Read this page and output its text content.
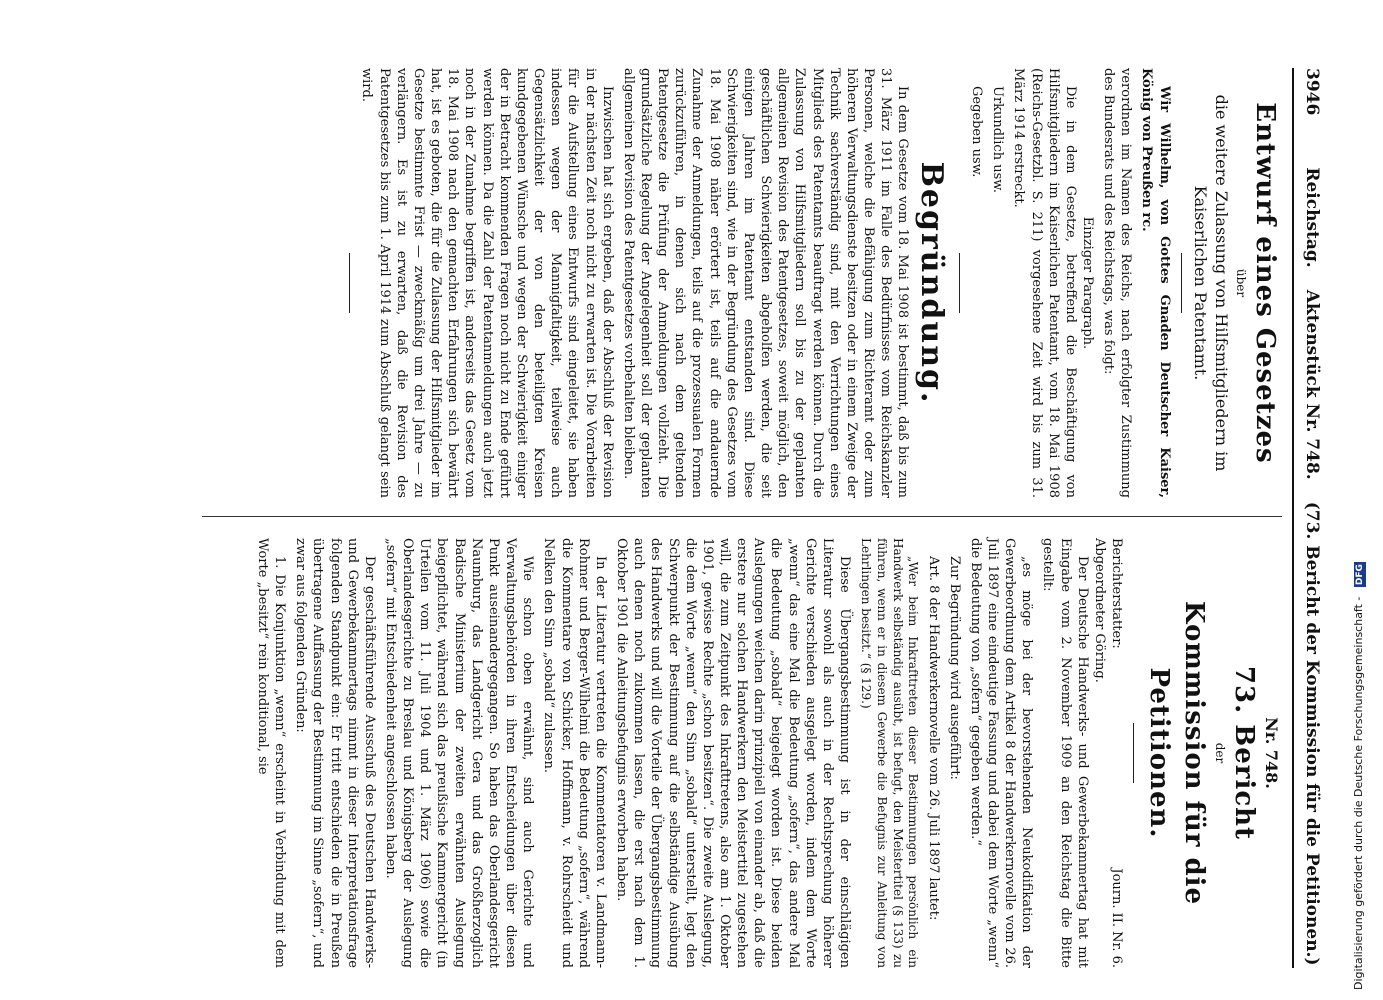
3946
Reichstag.
Aktenstück Nr. 748.
(73. Bericht der Kommission für die Petitionen.)
Entwurf eines Gesetzes
über
die weitere Zulassung von Hilfsmitgliedern im Kaiserlichen Patentamt.

Wir Wilhelm, von Gottes Gnaden Deutscher Kaiser, König von Preußen rc.

verordnen im Namen des Reichs, nach erfolgter Zustimmung des Bundesrats und des Reichstags, was folgt:

Einziger Paragraph.

Die in dem Gesetze, betreffend die Beschäftigung von Hilfsmitgliedern im Kaiserlichen Patentamt, vom 18. Mai 1908 (Reichs-Gesetzbl. S. 211) vorgesehene Zeit wird bis zum 31. März 1914 erstreckt.

Urkundlich usw.

Gegeben usw.

Begründung.

In dem Gesetze vom 18. Mai 1908 ist bestimmt, daß bis zum 31. März 1911 im Falle des Bedürfnisses vom Reichskanzler Personen, welche die Befähigung zum Richteramt oder zum höheren Verwaltungsdienste besitzen oder in einem Zweige der Technik sachverständig sind, mit den Verrichtungen eines Mitglieds des Patentamts beauftragt werden können. Durch die Zulassung von Hilfsmitgliedern soll bis zu der geplanten allgemeinen Revision des Patentgesetzes, soweit möglich, den geschäftlichen Schwierigkeiten abgeholfen werden, die seit einigen Jahren im Patentamt entstanden sind. Diese Schwierigkeiten sind, wie in der Begründung des Gesetzes vom 18. Mai 1908 näher erörtert ist, teils auf die andauernde Zunahme der Anmeldungen, teils auf die prozessualen Formen zurückzuführen, in denen sich nach dem geltenden Patentgesetze die Prüfung der Anmeldungen vollzieht. Die grundsätzliche Regelung der Angelegenheit soll der geplanten allgemeinen Revision des Patentgesetzes vorbehalten bleiben.

Inzwischen hat sich ergeben, daß der Abschluß der Revision in der nächsten Zeit noch nicht zu erwarten ist. Die Vorarbeiten für die Aufstellung eines Entwurfs sind eingeleitet, sie haben indessen wegen der Mannigfaltigkeit, teilweise auch Gegensätzlichkeit der von den beteiligten Kreisen kundgegebenen Wünsche und wegen der Schwierigkeit einiger der in Betracht kommenden Fragen noch nicht zu Ende geführt werden können. Da die Zahl der Patentanmeldungen auch jetzt noch in der Zunahme begriffen ist, anderseits das Gesetz vom 18. Mai 1908 nach den gemachten Erfahrungen sich bewährt hat, ist es geboten, die für die Zulassung der Hilfsmitglieder im Gesetze bestimmte Frist — zweckmäßig um drei Jahre — zu verlängern. Es ist zu erwarten, daß die Revision des Patentgesetzes bis zum 1. April 1914 zum Abschluß gelangt sein wird.

Nr. 748.
73. Bericht
der
Kommission für die Petitionen.
Berichterstatter:
Abgeordneter Göring.
Journ. II. Nr. 6.

Der Deutsche Handwerks- und Gewerbekammertag hat mit Eingabe vom 2. November 1909 an den Reichstag die Bitte gestellt:

„es möge bei der bevorstehenden Neukodifikation der Gewerbeordnung dem Artikel 8 der Handwerkernovelle vom 26. Juli 1897 eine eindeutige Fassung und dabei dem Worte „wenn“ die Bedeutung von „sofern“ gegeben werden.“

Zur Begründung wird ausgeführt:

Art. 8 der Handwerkernovelle vom 26. Juli 1897 lautet:

„Wer beim Inkrafttreten dieser Bestimmungen persönlich ein Handwerk selbständig ausübt, ist befugt, den Meistertitel (§ 133) zu führen, wenn er in diesem Gewerbe die Befugnis zur Anleitung von Lehrlingen besitzt.“ (§ 129.)

Diese Übergangsbestimmung ist in der einschlägigen Literatur sowohl als auch in der Rechtsprechung höherer Gerichte verschieden ausgelegt worden, indem dem Worte „wenn“ das eine Mal die Bedeutung „sofern“, das andere Mal die Bedeutung „sobald“ beigelegt worden ist. Diese beiden Auslegungen weichen darin prinzipiell von einander ab, daß die erstere nur solchen Handwerkern den Meistertitel zugestehen will, die zum Zeitpunkt des Inkrafttretens, also am 1. Oktober 1901, gewisse Rechte „schon besitzen“. Die zweite Auslegung, die dem Worte „wenn“ den Sinn „sobald“ unterstellt, legt den Schwerpunkt der Bestimmung auf die selbständige Ausübung des Handwerks und will die Vorteile der Übergangsbestimmung auch denen noch zukommen lassen, die erst nach dem 1. Oktober 1901 die Anleitungsbefugnis erworben haben.

In der Literatur vertreten die Kommentatoren v. Landmann-Rohmer und Berger-Wilhelmi die Bedeutung „sofern“, während die Kommentare von Schicker, Hoffmann, v. Rohrscheidt und Nelken den Sinn „sobald“ zulassen.

Wie schon oben erwähnt, sind auch Gerichte und Verwaltungsbehörden in ihren Entscheidungen über diesen Punkt auseinandergegangen. So haben das Oberlandesgericht Naumburg, das Landgericht Gera und das Großherzoglich Badische Ministerium der zweiten erwähnten Auslegung beigepflichtet, während sich das preußische Kammergericht (in Urteilen vom 11. Juli 1904 und 1. März 1906) sowie die Oberlandesgerichte zu Breslau und Königsberg der Auslegung „sofern“ mit Entschiedenheit angeschlossen haben.

Der geschäftsführende Ausschuß des Deutschen Handwerks- und Gewerbekammertags nimmt in dieser Interpretationsfrage folgenden Standpunkt ein: Er tritt entschieden die in Preußen übertragene Auffassung der Bestimmung im Sinne „sofern“, und zwar aus folgenden Gründen:

1. Die Konjunktion „wenn“ erscheint in Verbindung mit dem Worte „besitzt“ rein konditional, sie	Digitalisierung gefördert durch die Deutsche Forschungsgemeinschaft - DFG
